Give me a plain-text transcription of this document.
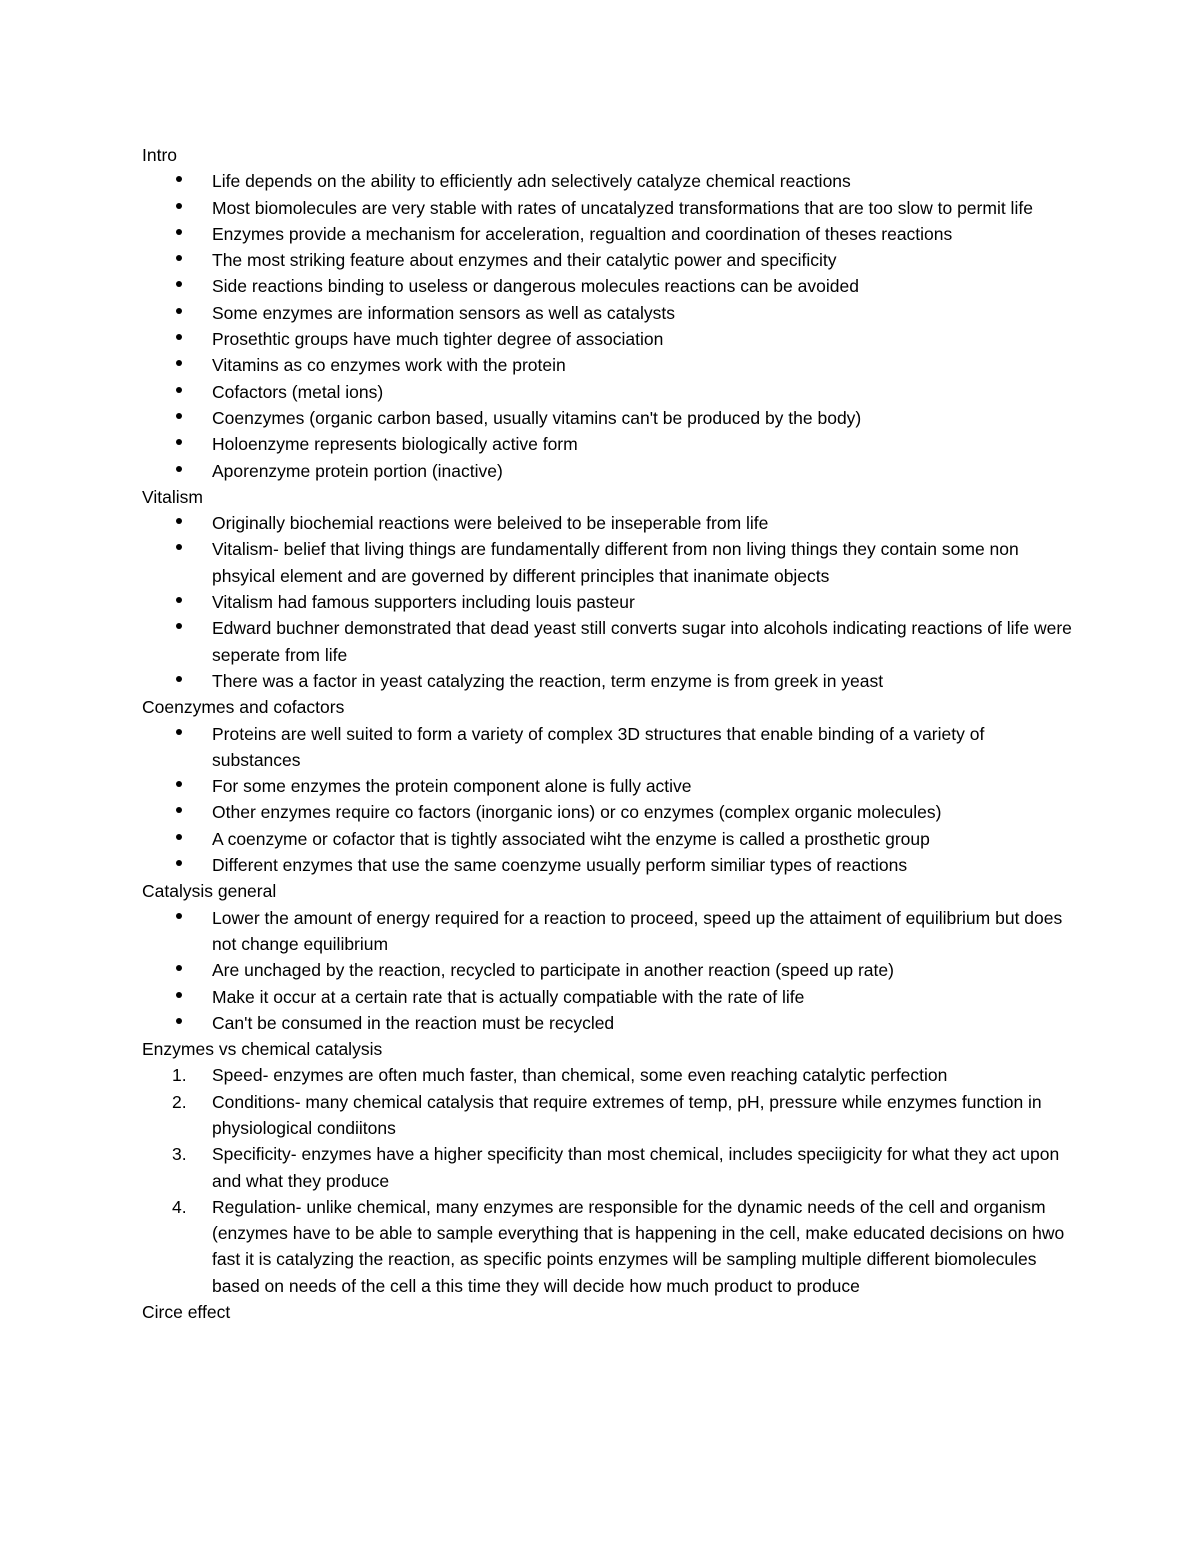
Intro
Life depends on the ability to efficiently adn selectively catalyze chemical reactions
Most biomolecules are very stable with rates of uncatalyzed transformations that are too slow to permit life
Enzymes provide a mechanism for acceleration, regualtion and coordination of theses reactions
The most striking feature about enzymes and their catalytic power and specificity
Side reactions binding to useless or dangerous molecules reactions can be avoided
Some enzymes are information sensors as well as catalysts
Prosethtic groups have much tighter degree of association
Vitamins as co enzymes work with the protein
Cofactors (metal ions)
Coenzymes (organic carbon based, usually vitamins can't be produced by the body)
Holoenzyme represents biologically active form
Aporenzyme protein portion (inactive)
Vitalism
Originally biochemial reactions were beleived to be inseperable from life
Vitalism- belief that living things are fundamentally different from non living things they contain some non phsyical element and are governed by different principles that inanimate objects
Vitalism had famous supporters including louis pasteur
Edward buchner demonstrated that dead yeast still converts sugar into alcohols indicating reactions of life were seperate from life
There was a factor in yeast catalyzing the reaction, term enzyme is from greek in yeast
Coenzymes and cofactors
Proteins are well suited to form a variety of complex 3D structures that enable binding of a variety of substances
For some enzymes the protein component alone is fully active
Other enzymes require co factors (inorganic ions) or co enzymes (complex organic molecules)
A coenzyme or cofactor that is tightly associated wiht the enzyme is called a prosthetic group
Different enzymes that use the same coenzyme usually perform similiar types of reactions
Catalysis general
Lower the amount of energy required for a reaction to proceed, speed up the attaiment of equilibrium but does not change equilibrium
Are unchaged by the reaction, recycled to participate in another reaction (speed up rate)
Make it occur at a certain rate that is actually compatiable with the rate of life
Can't be consumed in the reaction must be recycled
Enzymes vs chemical catalysis
1. Speed- enzymes are often much faster, than chemical, some even reaching catalytic perfection
2. Conditions- many chemical catalysis that require extremes of temp, pH, pressure while enzymes function in physiological condiitons
3. Specificity- enzymes have a higher specificity than most chemical, includes speciigicity for what they act upon and what they produce
4. Regulation- unlike chemical, many enzymes are responsible for the dynamic needs of the cell and organism (enzymes have to be able to sample everything that is happening in the cell, make educated decisions on hwo fast it is catalyzing the reaction, as specific points enzymes will be sampling multiple different biomolecules based on needs of the cell a this time they will decide how much product to produce
Circe effect
